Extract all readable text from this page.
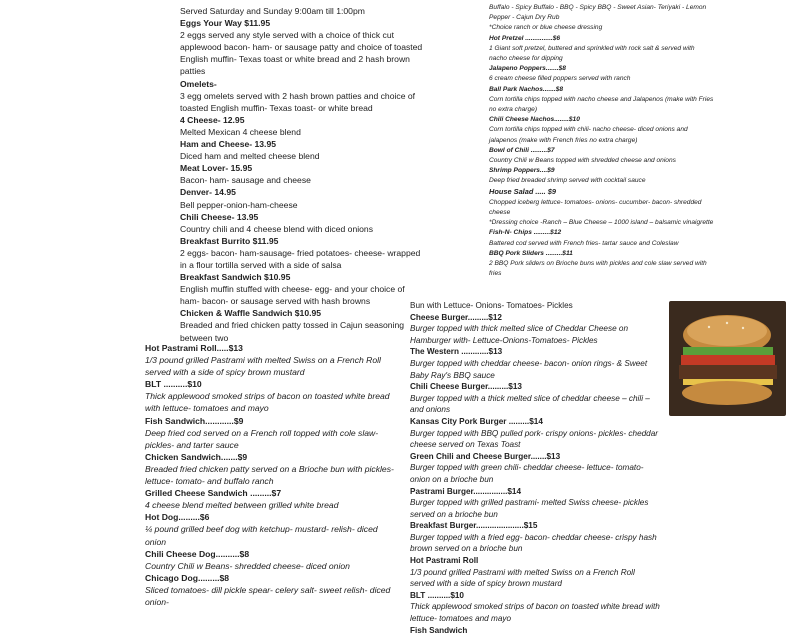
Served Saturday and Sunday 9:00am till 1:00pm
Eggs Your Way $11.95
2 eggs served any style served with a choice of thick cut applewood bacon- ham- or sausage patty and choice of toasted English muffin- Texas toast or white bread and 2 hash brown patties
Omelets-
3 egg omelets served with 2 hash brown patties and choice of toasted English muffin- Texas toast- or white bread
4 Cheese- 12.95
Melted Mexican 4 cheese blend
Ham and Cheese- 13.95
Diced ham and melted cheese blend
Meat Lover- 15.95
Bacon- ham- sausage and cheese
Denver- 14.95
Bell pepper-onion-ham-cheese
Chili Cheese- 13.95
Country chili and 4 cheese blend with diced onions
Breakfast Burrito $11.95
2 eggs- bacon- ham-sausage- fried potatoes- cheese- wrapped in a flour tortilla served with a side of salsa
Breakfast Sandwich $10.95
English muffin stuffed with cheese- egg- and your choice of ham- bacon- or sausage served with hash browns
Chicken & Waffle Sandwich $10.95
Breaded and fried chicken patty tossed in Cajun seasoning between two
Hot Pastrami Roll.....$13
1/3 pound grilled Pastrami with melted Swiss on a French Roll served with a side of spicy brown mustard
BLT ..........$10
Thick applewood smoked strips of bacon on toasted white bread with lettuce- tomatoes and mayo
Fish Sandwich............$9
Deep fried cod served on a French roll topped with cole slaw- pickles- and tarter sauce
Chicken Sandwich.......$9
Breaded fried chicken patty served on a Brioche bun with pickles- lettuce- tomato- and buffalo ranch
Grilled Cheese Sandwich .........$7
4 cheese blend melted between grilled white bread
Hot Dog.........$6
¼ pound grilled beef dog with ketchup- mustard- relish- diced onion
Chili Cheese Dog..........$8
Country Chili w Beans- shredded cheese- diced onion
Chicago Dog.........$8
Sliced tomatoes- dill pickle spear- celery salt- sweet relish- diced onion-
Buffalo - Spicy Buffalo - BBQ - Spicy BBQ - Sweet Asian- Teriyaki - Lemon Pepper - Cajun Dry Rub
*Choice ranch or blue cheese dressing
Hot Pretzel ...............$6
1 Giant soft pretzel, buttered and sprinkled with rock salt & served with nacho cheese for dipping
Jalapeno Poppers.......$8
6 cream cheese filled poppers served with ranch
Ball Park Nachos.......$8
Corn tortilla chips topped with nacho cheese and Jalapenos (make with Fries no extra charge)
Chili Cheese Nachos........$10
Corn tortilla chips topped with chili- nacho cheese- diced onions and jalapenos (make with French fries no extra charge)
Bowl of Chili .........$7
Country Chili w Beans topped with shredded cheese and onions
Shrimp Poppers....$9
Deep fried breaded shrimp served with cocktail sauce
House Salad ..... $9
Chopped iceberg lettuce- tomatoes- onions- cucumber- bacon- shredded cheese
*Dressing choice -Ranch – Blue Cheese – 1000 island – balsamic vinaigrette
Fish-N- Chips .........$12
Battered cod served with French fries- tartar sauce and Coleslaw
BBQ Pork Sliders .........$11
2 BBQ Pork sliders on Brioche buns with pickles and cole slaw served with fries
Bun with Lettuce- Onions- Tomatoes- Pickles
Cheese Burger.........$12
Burger topped with thick melted slice of Cheddar Cheese on Hamburger with- Lettuce-Onions-Tomatoes- Pickles
The Western ............$13
Burger topped with cheddar cheese- bacon- onion rings- & Sweet Baby Ray's BBQ sauce
Chili Cheese Burger.........$13
Burger topped with a thick melted slice of cheddar cheese – chili – and onions
Kansas City Pork Burger .........$14
Burger topped with BBQ pulled pork- crispy onions- pickles- cheddar cheese served on Texas Toast
Green Chili and Cheese Burger.......$13
Burger topped with green chili- cheddar cheese- lettuce- tomato- onion on a brioche bun
Pastrami Burger...............$14
Burger topped with grilled pastrami- melted Swiss cheese- pickles served on a brioche bun
Breakfast Burger.....................$15
Burger topped with a fried egg- bacon- cheddar cheese- crispy hash brown served on a brioche bun
Hot Pastrami Roll
1/3 pound grilled Pastrami with melted Swiss on a French Roll served with a side of spicy brown mustard
BLT ..........$10
Thick applewood smoked strips of bacon on toasted white bread with lettuce- tomatoes and mayo
Fish Sandwich
